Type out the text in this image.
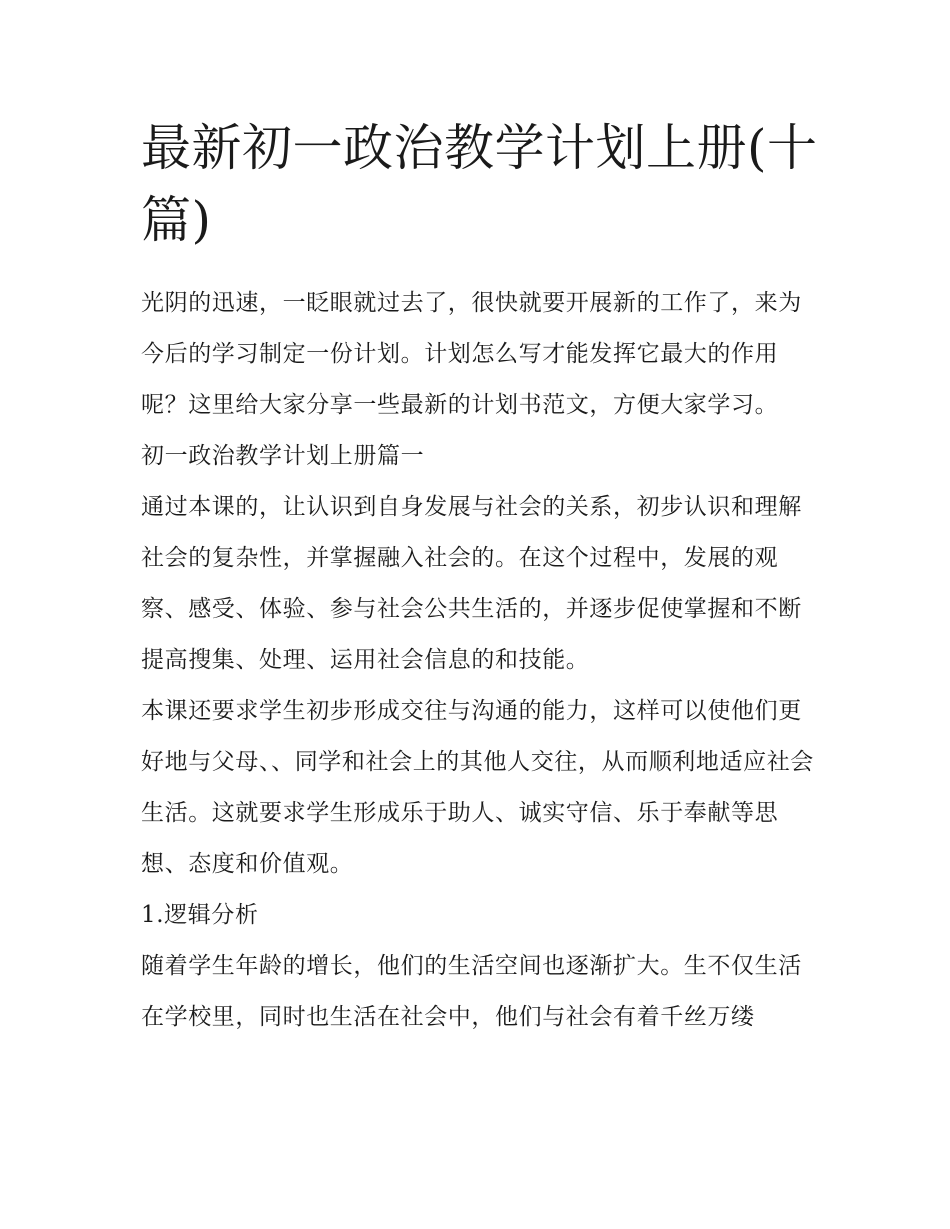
最新初一政治教学计划上册(十篇)

光阴的迅速，一眨眼就过去了，很快就要开展新的工作了，来为今后的学习制定一份计划。计划怎么写才能发挥它最大的作用呢？这里给大家分享一些最新的计划书范文，方便大家学习。

初一政治教学计划上册篇一

通过本课的，让认识到自身发展与社会的关系，初步认识和理解社会的复杂性，并掌握融入社会的。在这个过程中，发展的观察、感受、体验、参与社会公共生活的，并逐步促使掌握和不断提高搜集、处理、运用社会信息的和技能。

本课还要求学生初步形成交往与沟通的能力，这样可以使他们更好地与父母、、同学和社会上的其他人交往，从而顺利地适应社会生活。这就要求学生形成乐于助人、诚实守信、乐于奉献等思想、态度和价值观。

1.逻辑分析

随着学生年龄的增长，他们的生活空间也逐渐扩大。生不仅生活在学校里，同时也生活在社会中，他们与社会有着千丝万缕
